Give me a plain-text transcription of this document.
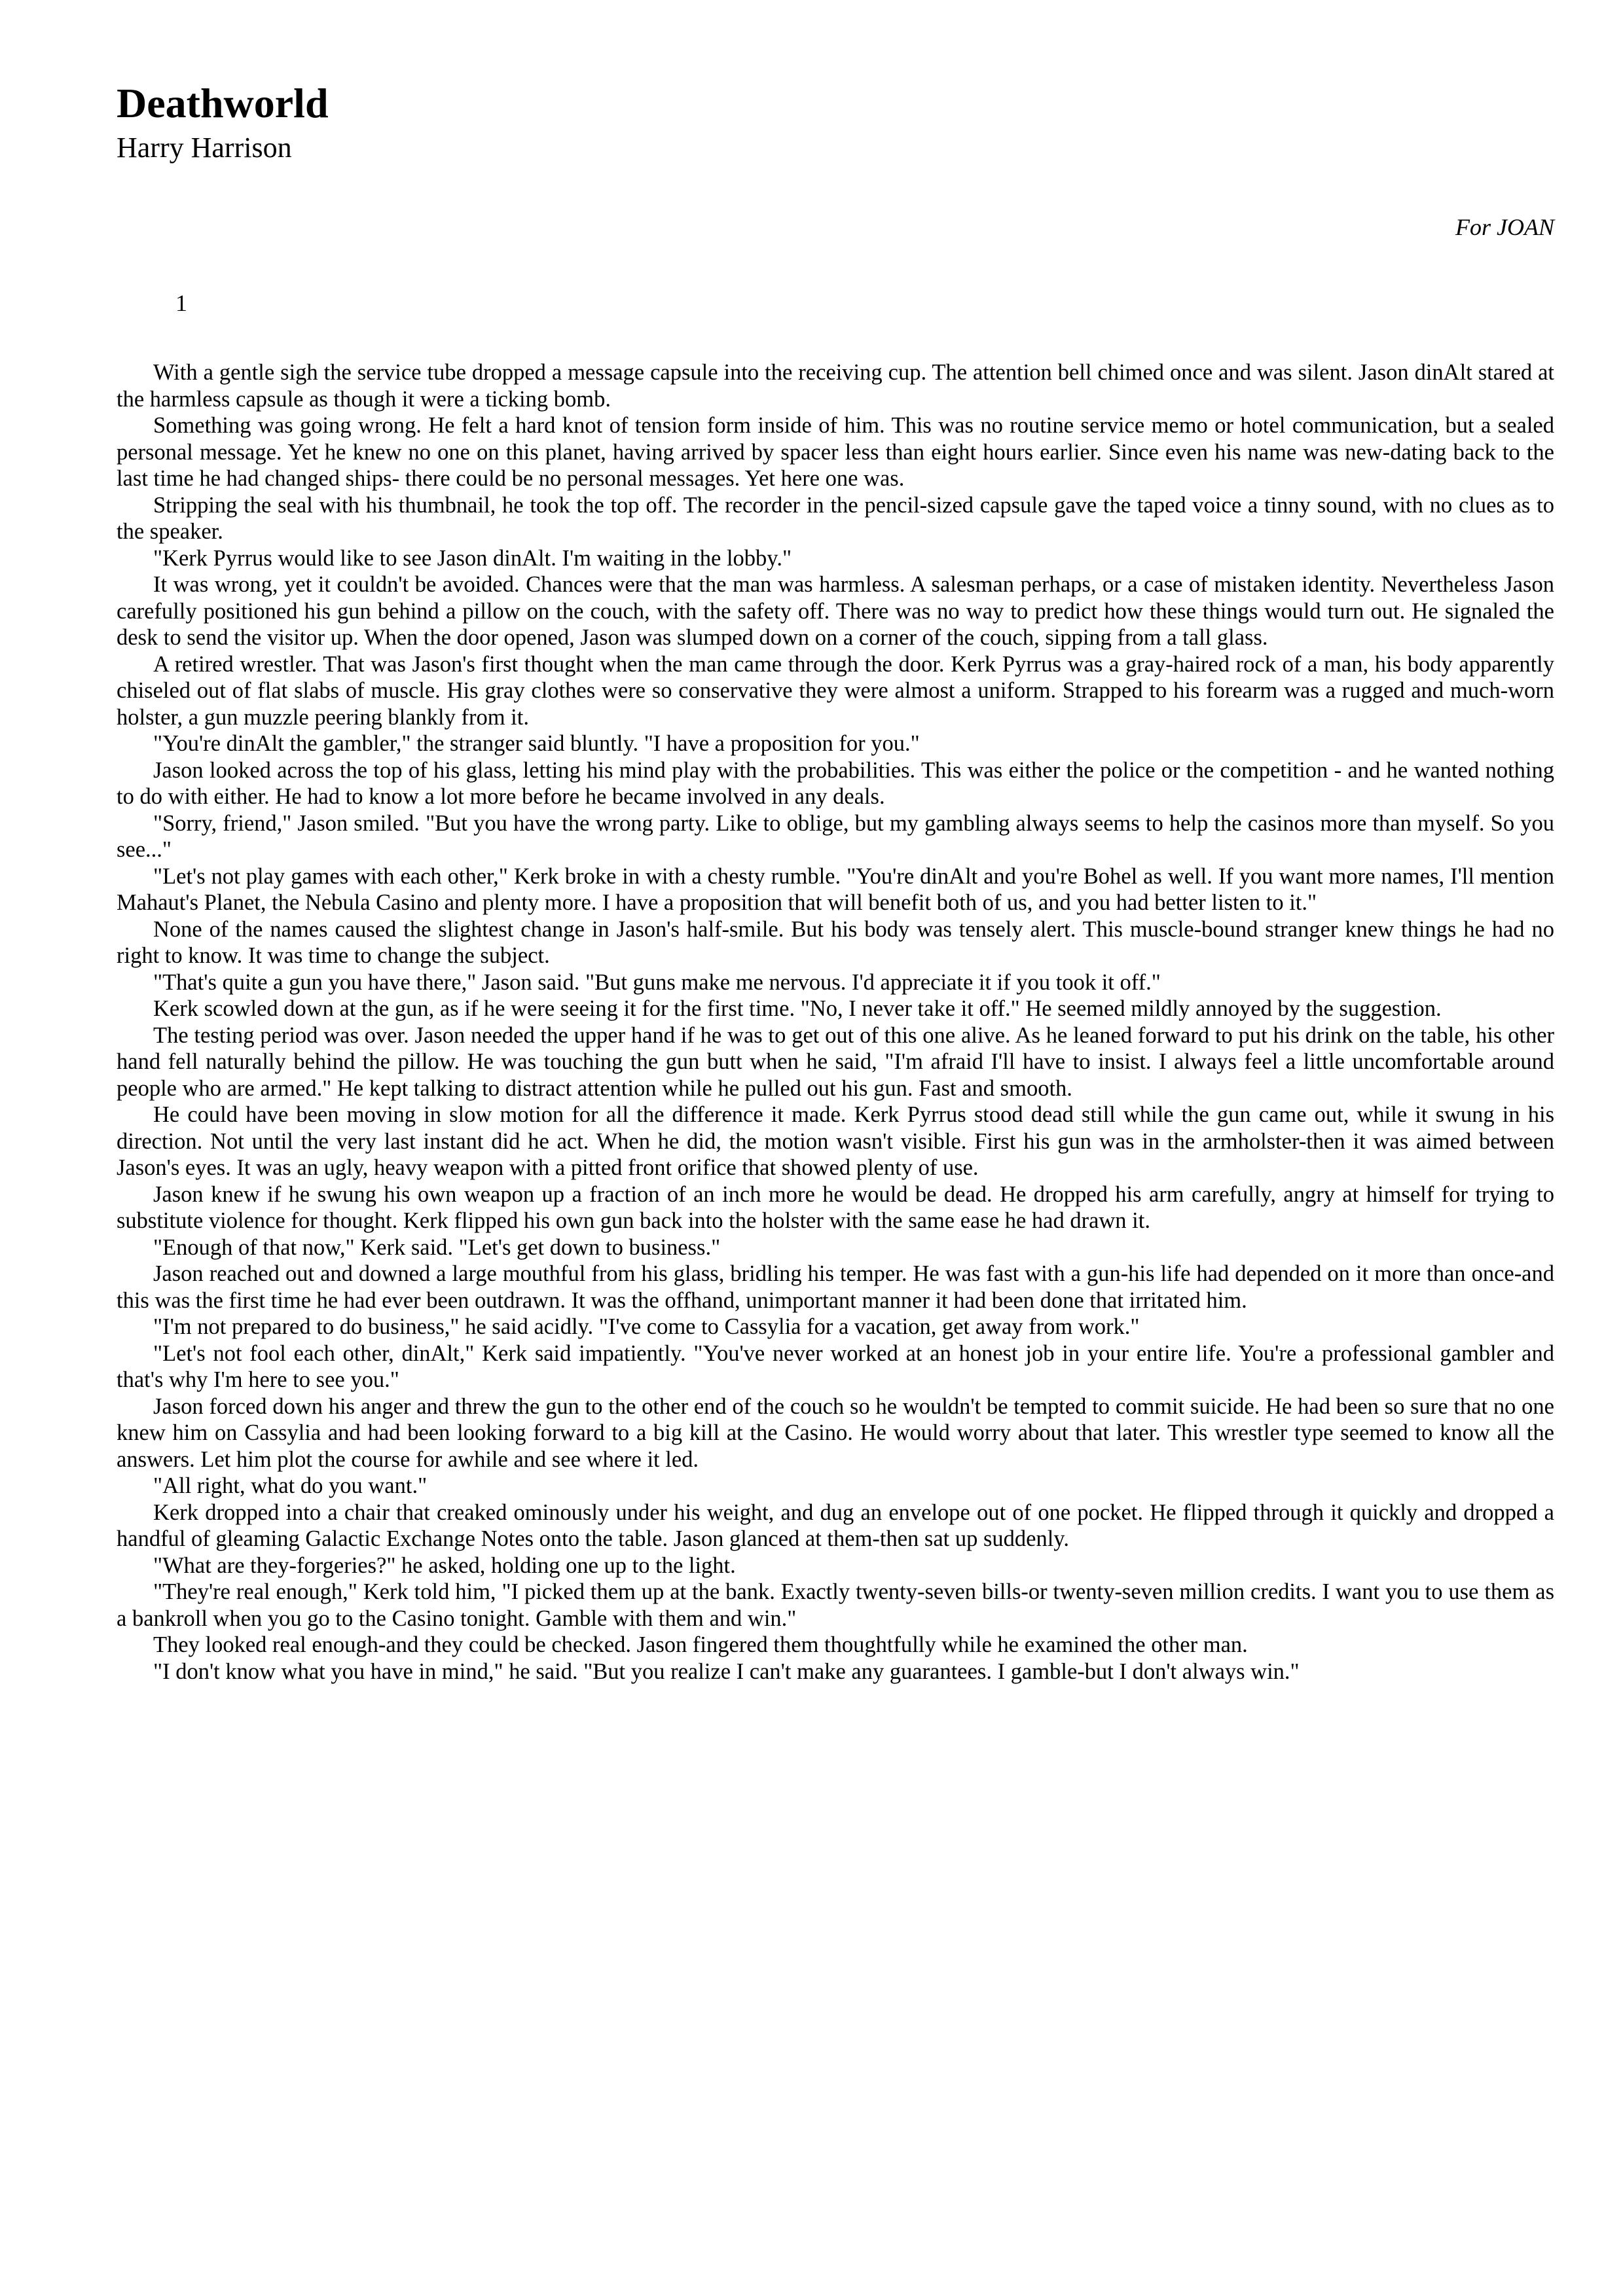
Deathworld
Harry Harrison
For JOAN
1

With a gentle sigh the service tube dropped a message capsule into the receiving cup. The attention bell chimed once and was silent. Jason dinAlt stared at the harmless capsule as though it were a ticking bomb.

Something was going wrong. He felt a hard knot of tension form inside of him. This was no routine service memo or hotel communication, but a sealed personal message. Yet he knew no one on this planet, having arrived by spacer less than eight hours earlier. Since even his name was new-dating back to the last time he had changed ships- there could be no personal messages. Yet here one was.

Stripping the seal with his thumbnail, he took the top off. The recorder in the pencil-sized capsule gave the taped voice a tinny sound, with no clues as to the speaker.

"Kerk Pyrrus would like to see Jason dinAlt. I'm waiting in the lobby."

It was wrong, yet it couldn't be avoided. Chances were that the man was harmless. A salesman perhaps, or a case of mistaken identity. Nevertheless Jason carefully positioned his gun behind a pillow on the couch, with the safety off. There was no way to predict how these things would turn out. He signaled the desk to send the visitor up. When the door opened, Jason was slumped down on a corner of the couch, sipping from a tall glass.

A retired wrestler. That was Jason's first thought when the man came through the door. Kerk Pyrrus was a gray-haired rock of a man, his body apparently chiseled out of flat slabs of muscle. His gray clothes were so conservative they were almost a uniform. Strapped to his forearm was a rugged and much-worn holster, a gun muzzle peering blankly from it.

"You're dinAlt the gambler," the stranger said bluntly. "I have a proposition for you."

Jason looked across the top of his glass, letting his mind play with the probabilities. This was either the police or the competition - and he wanted nothing to do with either. He had to know a lot more before he became involved in any deals.

"Sorry, friend," Jason smiled. "But you have the wrong party. Like to oblige, but my gambling always seems to help the casinos more than myself. So you see..."

"Let's not play games with each other," Kerk broke in with a chesty rumble. "You're dinAlt and you're Bohel as well. If you want more names, I'll mention Mahaut's Planet, the Nebula Casino and plenty more. I have a proposition that will benefit both of us, and you had better listen to it."

None of the names caused the slightest change in Jason's half-smile. But his body was tensely alert. This muscle-bound stranger knew things he had no right to know. It was time to change the subject.

"That's quite a gun you have there," Jason said. "But guns make me nervous. I'd appreciate it if you took it off."

Kerk scowled down at the gun, as if he were seeing it for the first time. "No, I never take it off." He seemed mildly annoyed by the suggestion.

The testing period was over. Jason needed the upper hand if he was to get out of this one alive. As he leaned forward to put his drink on the table, his other hand fell naturally behind the pillow. He was touching the gun butt when he said, "I'm afraid I'll have to insist. I always feel a little uncomfortable around people who are armed." He kept talking to distract attention while he pulled out his gun. Fast and smooth.

He could have been moving in slow motion for all the difference it made. Kerk Pyrrus stood dead still while the gun came out, while it swung in his direction. Not until the very last instant did he act. When he did, the motion wasn't visible. First his gun was in the armholster-then it was aimed between Jason's eyes. It was an ugly, heavy weapon with a pitted front orifice that showed plenty of use.

Jason knew if he swung his own weapon up a fraction of an inch more he would be dead. He dropped his arm carefully, angry at himself for trying to substitute violence for thought. Kerk flipped his own gun back into the holster with the same ease he had drawn it.

"Enough of that now," Kerk said. "Let's get down to business."

Jason reached out and downed a large mouthful from his glass, bridling his temper. He was fast with a gun-his life had depended on it more than once-and this was the first time he had ever been outdrawn. It was the offhand, unimportant manner it had been done that irritated him.

"I'm not prepared to do business," he said acidly. "I've come to Cassylia for a vacation, get away from work."

"Let's not fool each other, dinAlt," Kerk said impatiently. "You've never worked at an honest job in your entire life. You're a professional gambler and that's why I'm here to see you."

Jason forced down his anger and threw the gun to the other end of the couch so he wouldn't be tempted to commit suicide. He had been so sure that no one knew him on Cassylia and had been looking forward to a big kill at the Casino. He would worry about that later. This wrestler type seemed to know all the answers. Let him plot the course for awhile and see where it led.

"All right, what do you want."

Kerk dropped into a chair that creaked ominously under his weight, and dug an envelope out of one pocket. He flipped through it quickly and dropped a handful of gleaming Galactic Exchange Notes onto the table. Jason glanced at them-then sat up suddenly.

"What are they-forgeries?" he asked, holding one up to the light.

"They're real enough," Kerk told him, "I picked them up at the bank. Exactly twenty-seven bills-or twenty-seven million credits. I want you to use them as a bankroll when you go to the Casino tonight. Gamble with them and win."

They looked real enough-and they could be checked. Jason fingered them thoughtfully while he examined the other man.

"I don't know what you have in mind," he said. "But you realize I can't make any guarantees. I gamble-but I don't always win."
